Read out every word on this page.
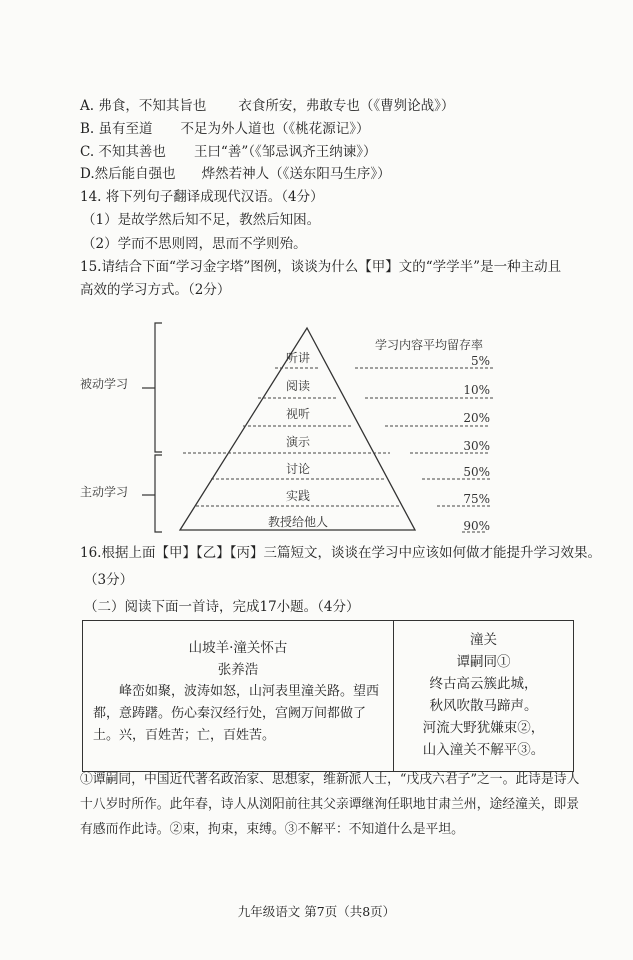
A. 弗食，不知其旨也 衣食所安，弗敢专也（《曹刿论战》）
B. 虽有至道 不足为外人道也（《桃花源记》）
C. 不知其善也 王曰“善”（《邹忌讽齐王纳谏》）
D.然后能自强也 烨然若神人（《送东阳马生序》）
14. 将下列句子翻译成现代汉语。（4分）
（1）是故学然后知不足，教然后知困。
（2）学而不思则罔，思而不学则殆。
15.请结合下面“学习金字塔”图例，谈谈为什么【甲】文的“学学半”是一种主动且
高效的学习方式。（2分）
被动学习
主动学习
学习内容平均留存率
听讲
阅读
视听
演示
讨论
实践
教授给他人
5%
10%
20%
30%
50%
75%
90%
16.根据上面【甲】【乙】【丙】三篇短文，谈谈在学习中应该如何做才能提升学习效果。
（3分）
（二）阅读下面一首诗，完成17小题。（4分）
山坡羊·潼关怀古
张养浩
峰峦如聚，波涛如怒，山河表里潼关路。望西都，意踌躇。伤心秦汉经行处，宫阙万间都做了土。兴，百姓苦；亡，百姓苦。
潼关
谭嗣同①
终古高云簇此城，
秋风吹散马蹄声。
河流大野犹嫌束②，
山入潼关不解平③。
①谭嗣同，中国近代著名政治家、思想家，维新派人士，“戊戌六君子”之一。此诗是诗人十八岁时所作。此年春，诗人从浏阳前往其父亲谭继洵任职地甘肃兰州，途经潼关，即景有感而作此诗。②束，拘束，束缚。③不解平：不知道什么是平坦。
九年级语文 第7页（共8页）
